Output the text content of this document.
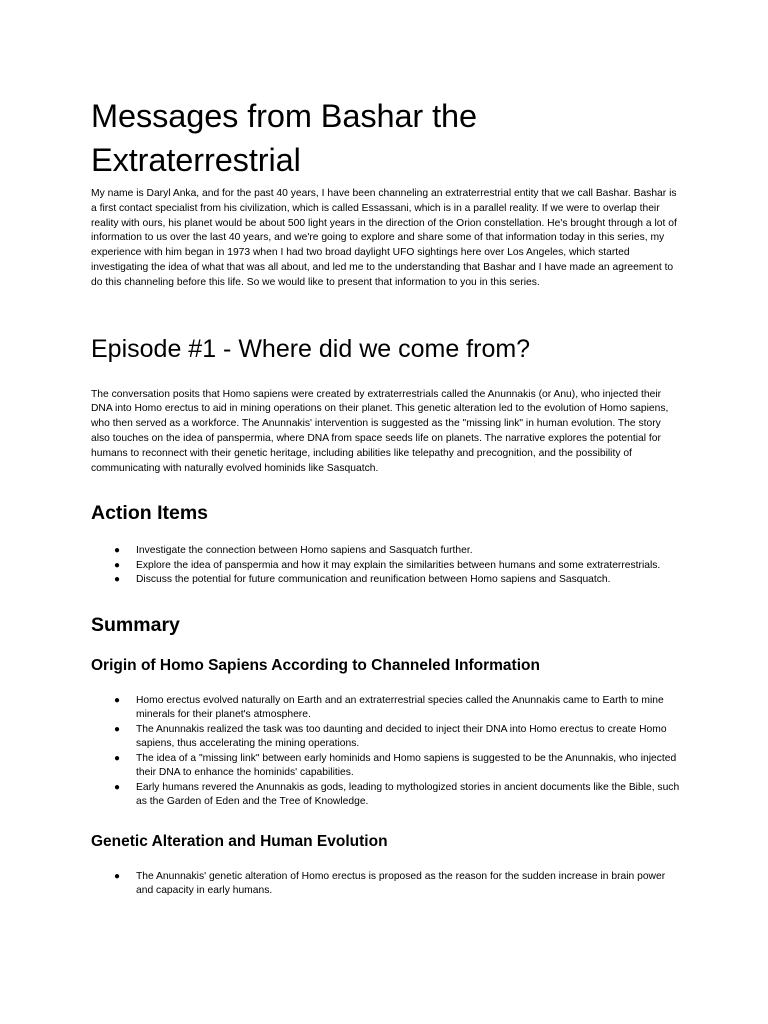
Messages from Bashar the Extraterrestrial

My name is Daryl Anka, and for the past 40 years, I have been channeling an extraterrestrial entity that we call Bashar. Bashar is a first contact specialist from his civilization, which is called Essassani, which is in a parallel reality. If we were to overlap their reality with ours, his planet would be about 500 light years in the direction of the Orion constellation. He's brought through a lot of information to us over the last 40 years, and we're going to explore and share some of that information today in this series, my experience with him began in 1973 when I had two broad daylight UFO sightings here over Los Angeles, which started investigating the idea of what that was all about, and led me to the understanding that Bashar and I have made an agreement to do this channeling before this life. So we would like to present that information to you in this series.

Episode #1 - Where did we come from?

The conversation posits that Homo sapiens were created by extraterrestrials called the Anunnakis (or Anu), who injected their DNA into Homo erectus to aid in mining operations on their planet. This genetic alteration led to the evolution of Homo sapiens, who then served as a workforce. The Anunnakis' intervention is suggested as the "missing link" in human evolution. The story also touches on the idea of panspermia, where DNA from space seeds life on planets. The narrative explores the potential for humans to reconnect with their genetic heritage, including abilities like telepathy and precognition, and the possibility of communicating with naturally evolved hominids like Sasquatch.

Action Items
● Investigate the connection between Homo sapiens and Sasquatch further.
● Explore the idea of panspermia and how it may explain the similarities between humans and some extraterrestrials.
● Discuss the potential for future communication and reunification between Homo sapiens and Sasquatch.
Summary
Origin of Homo Sapiens According to Channeled Information
● Homo erectus evolved naturally on Earth and an extraterrestrial species called the Anunnakis came to Earth to mine minerals for their planet's atmosphere.
● The Anunnakis realized the task was too daunting and decided to inject their DNA into Homo erectus to create Homo sapiens, thus accelerating the mining operations.
● The idea of a "missing link" between early hominids and Homo sapiens is suggested to be the Anunnakis, who injected their DNA to enhance the hominids' capabilities.
● Early humans revered the Anunnakis as gods, leading to mythologized stories in ancient documents like the Bible, such as the Garden of Eden and the Tree of Knowledge.
Genetic Alteration and Human Evolution
● The Anunnakis' genetic alteration of Homo erectus is proposed as the reason for the sudden increase in brain power and capacity in early humans.
